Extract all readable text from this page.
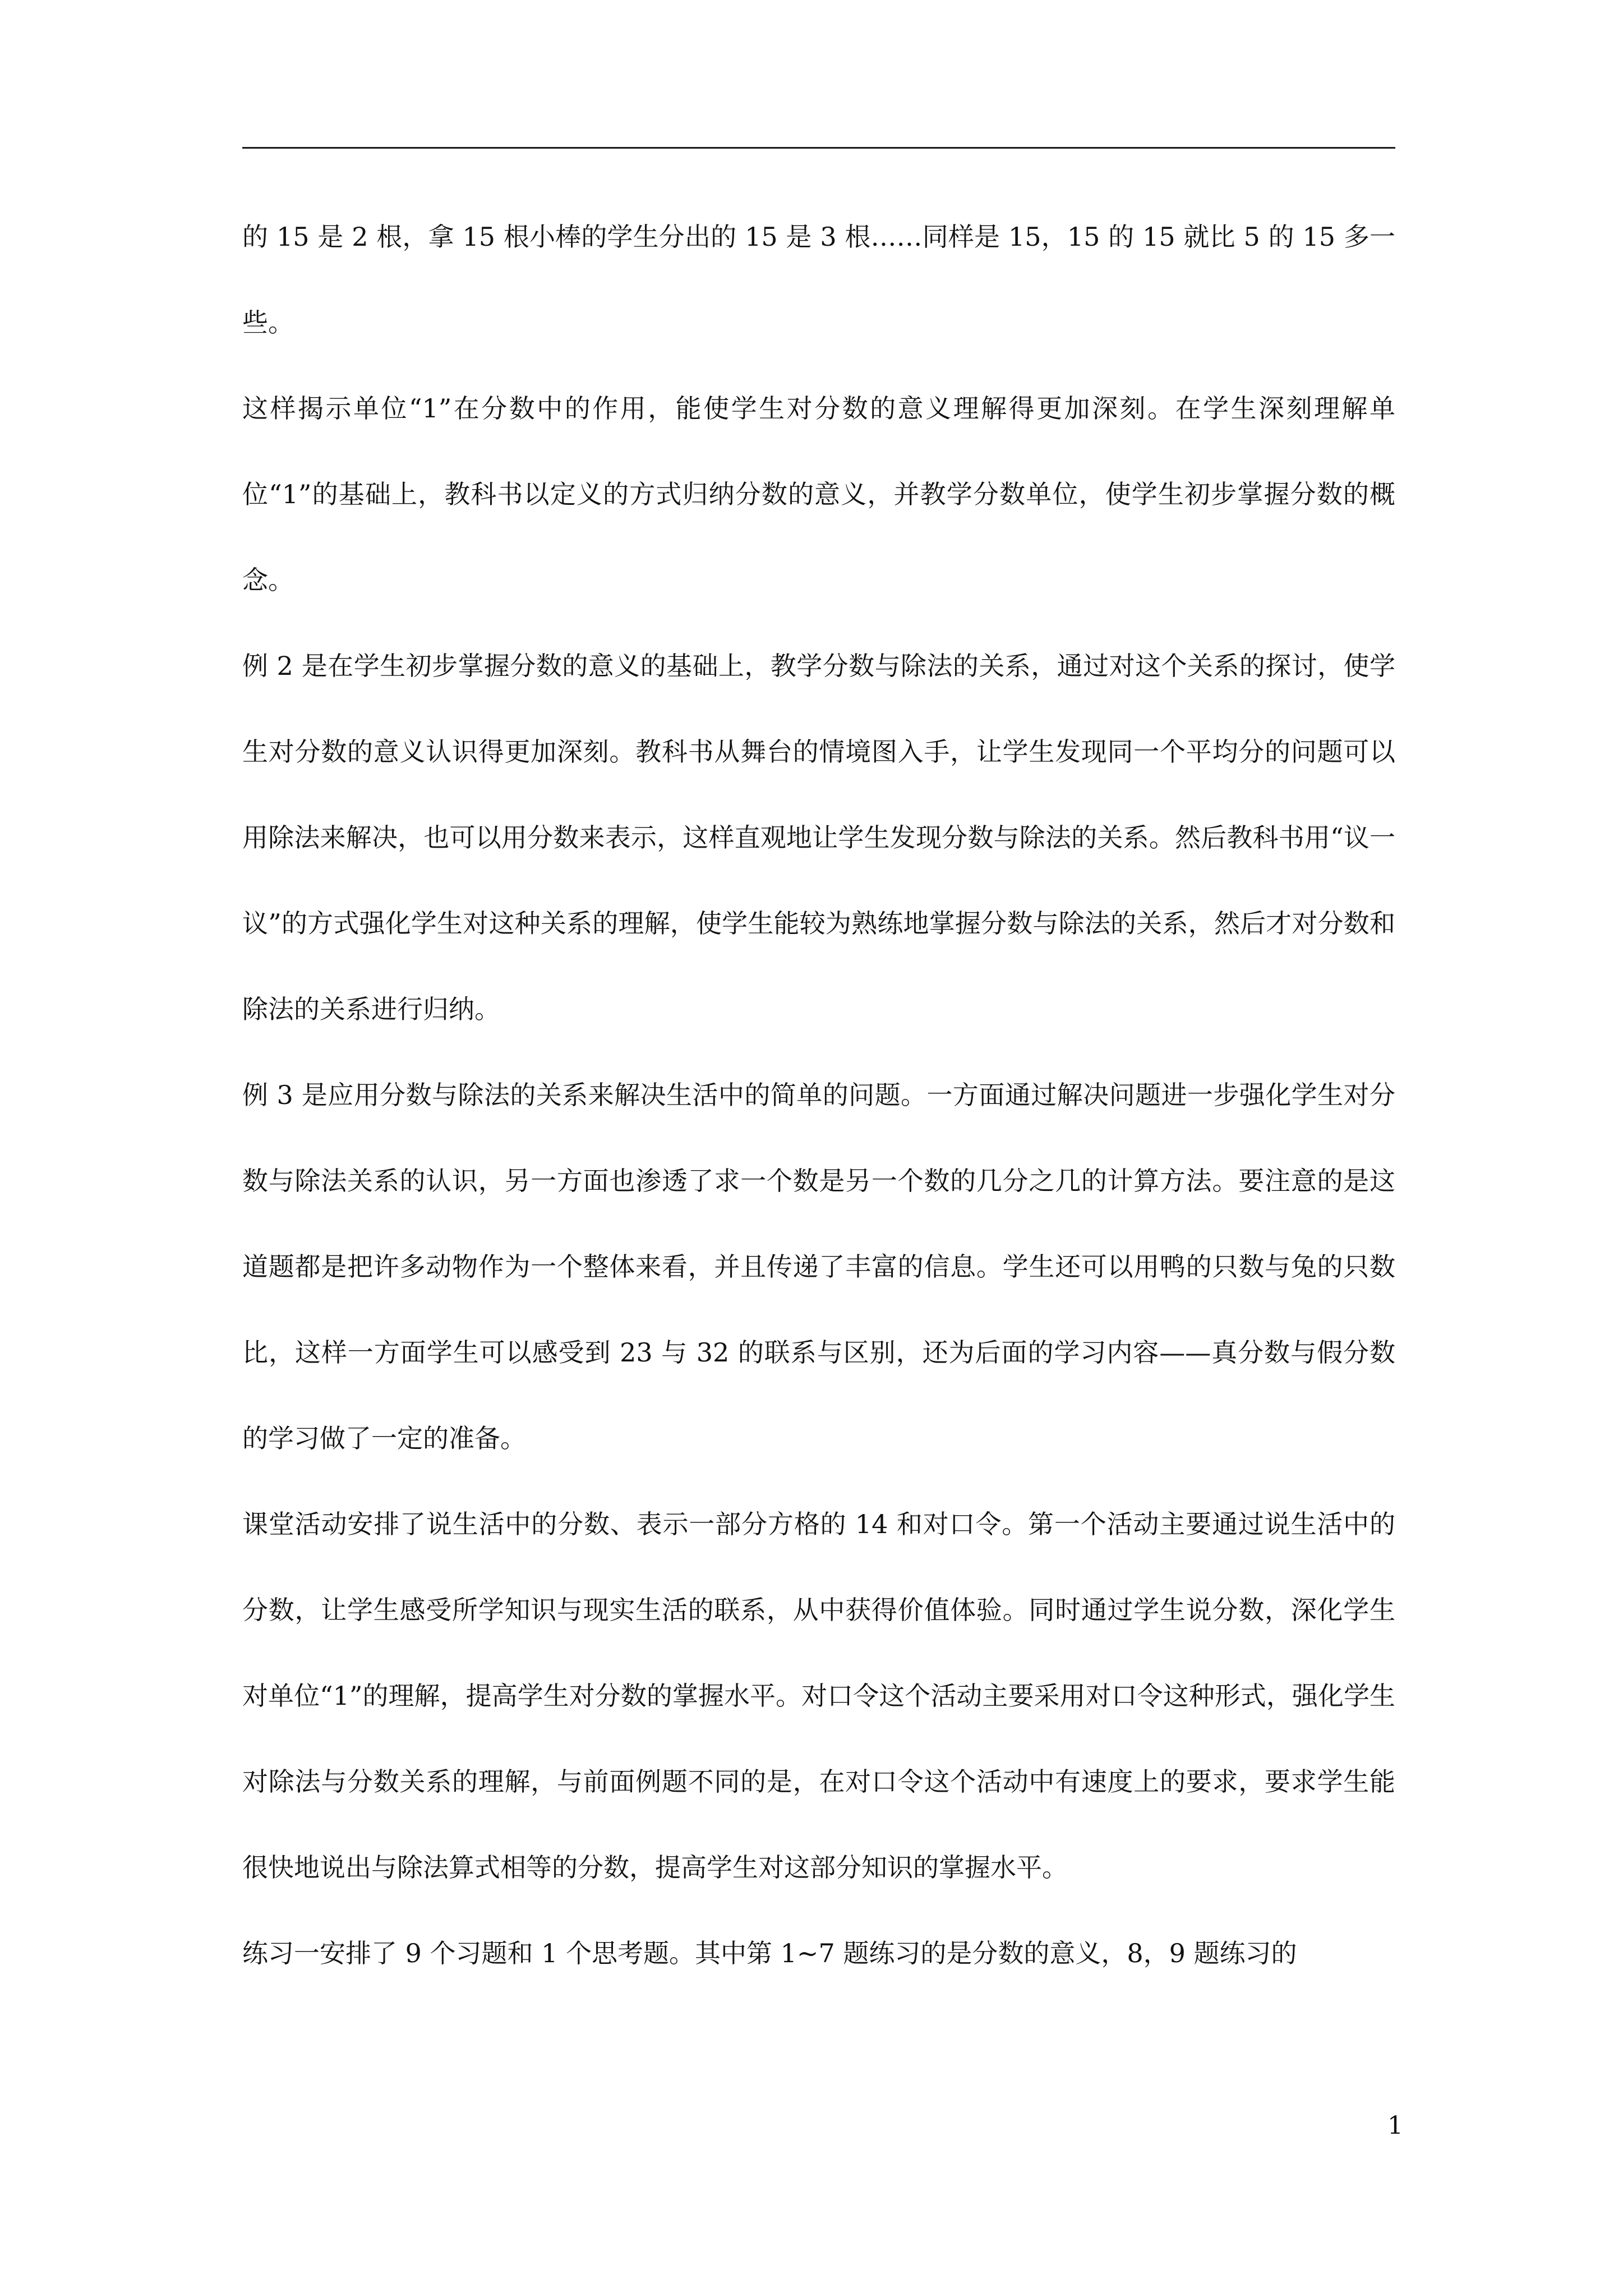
的 15 是 2 根，拿 15 根小棒的学生分出的 15 是 3 根……同样是 15，15 的 15 就比 5 的 15 多一些。

这样揭示单位“1”在分数中的作用，能使学生对分数的意义理解得更加深刻。在学生深刻理解单位“1”的基础上，教科书以定义的方式归纳分数的意义，并教学分数单位，使学生初步掌握分数的概念。

例 2 是在学生初步掌握分数的意义的基础上，教学分数与除法的关系，通过对这个关系的探讨，使学生对分数的意义认识得更加深刻。教科书从舞台的情境图入手，让学生发现同一个平均分的问题可以用除法来解决，也可以用分数来表示，这样直观地让学生发现分数与除法的关系。然后教科书用“议一议”的方式强化学生对这种关系的理解，使学生能较为熟练地掌握分数与除法的关系，然后才对分数和除法的关系进行归纳。

例 3 是应用分数与除法的关系来解决生活中的简单的问题。一方面通过解决问题进一步强化学生对分数与除法关系的认识，另一方面也渗透了求一个数是另一个数的几分之几的计算方法。要注意的是这道题都是把许多动物作为一个整体来看，并且传递了丰富的信息。学生还可以用鸭的只数与兔的只数比，这样一方面学生可以感受到 23 与 32 的联系与区别，还为后面的学习内容——真分数与假分数的学习做了一定的准备。

课堂活动安排了说生活中的分数、表示一部分方格的 14 和对口令。第一个活动主要通过说生活中的分数，让学生感受所学知识与现实生活的联系，从中获得价值体验。同时通过学生说分数，深化学生对单位“1”的理解，提高学生对分数的掌握水平。对口令这个活动主要采用对口令这种形式，强化学生对除法与分数关系的理解，与前面例题不同的是，在对口令这个活动中有速度上的要求，要求学生能很快地说出与除法算式相等的分数，提高学生对这部分知识的掌握水平。

练习一安排了 9 个习题和 1 个思考题。其中第 1~7 题练习的是分数的意义，8，9 题练习的

1
